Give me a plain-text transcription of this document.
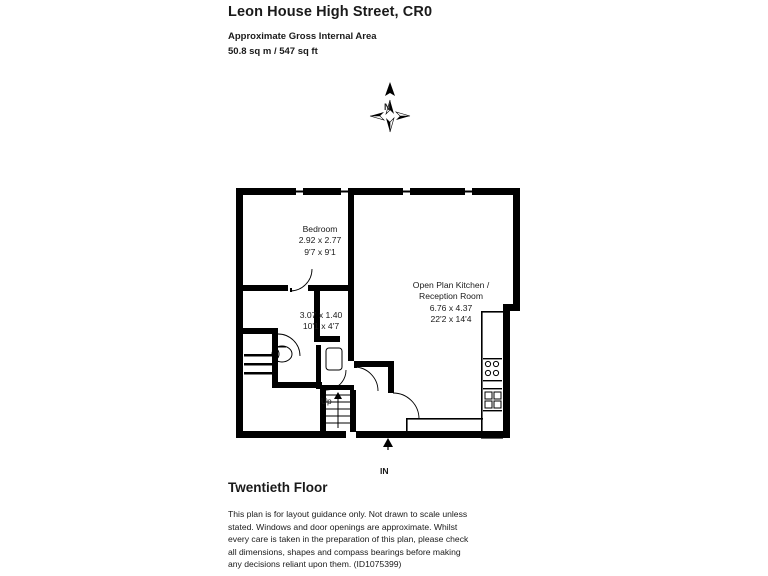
Leon House High Street, CR0
Approximate Gross Internal Area
50.8 sq m / 547 sq ft
N
Bedroom
2.92 x 2.77
9'7 x 9'1
Open Plan Kitchen /
Reception Room
6.76 x 4.37
22'2 x 14'4
3.07 x 1.40
10'1 x 4'7
Up
IN
Twentieth Floor
This plan is for layout guidance only. Not drawn to scale unless
stated. Windows and door openings are approximate. Whilst
every care is taken in the preparation of this plan, please check
all dimensions, shapes and compass bearings before making
any decisions reliant upon them. (ID1075399)
